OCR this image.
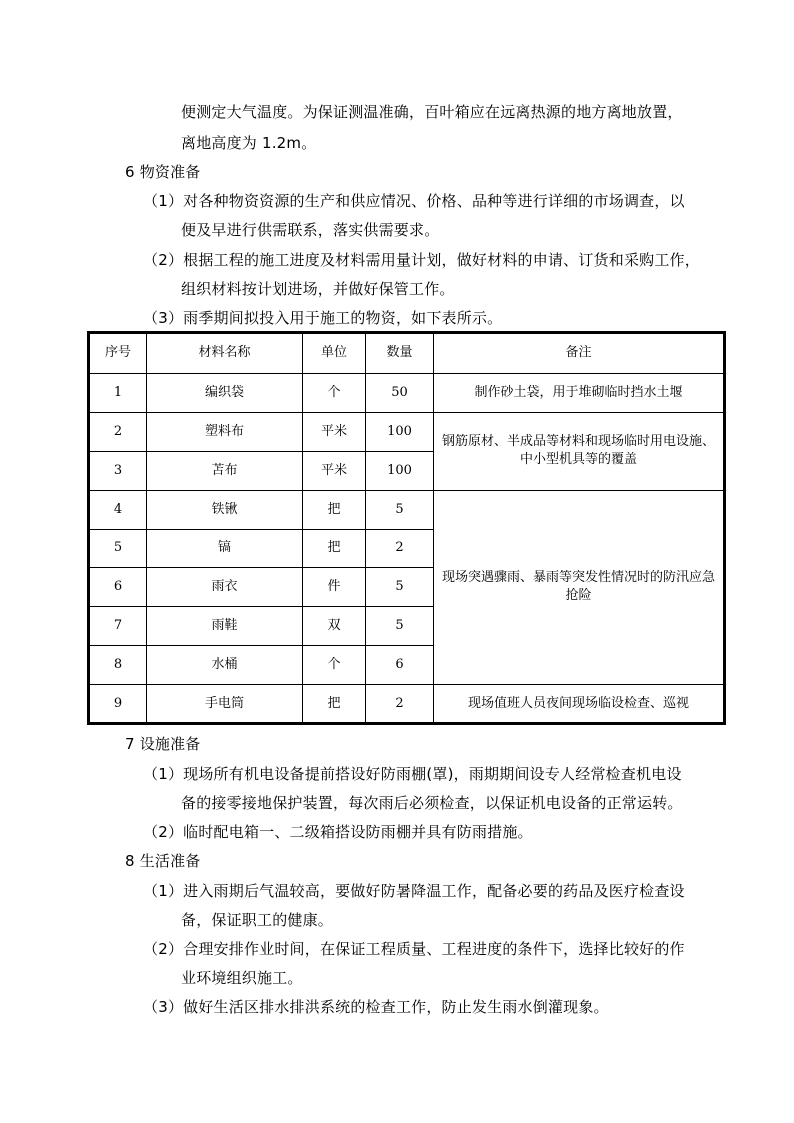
便测定大气温度。为保证测温准确，百叶箱应在远离热源的地方离地放置，
离地高度为 1.2m。
6 物资准备
（1）对各种物资资源的生产和供应情况、价格、品种等进行详细的市场调查，以
便及早进行供需联系，落实供需要求。
（2）根据工程的施工进度及材料需用量计划，做好材料的申请、订货和采购工作，
组织材料按计划进场，并做好保管工作。
（3）雨季期间拟投入用于施工的物资，如下表所示。
序号	材料名称	单位	数量	备注
1	编织袋	个	50	制作砂土袋，用于堆砌临时挡水土堰
2	塑料布	平米	100	钢筋原材、半成品等材料和现场临时用电设施、中小型机具等的覆盖
3	苫布	平米	100	
4	铁锹	把	5	现场突遇骤雨、暴雨等突发性情况时的防汛应急抢险
5	镐	把	2	
6	雨衣	件	5	
7	雨鞋	双	5	
8	水桶	个	6	
9	手电筒	把	2	现场值班人员夜间现场临设检查、巡视
7 设施准备
（1）现场所有机电设备提前搭设好防雨棚(罩)，雨期期间设专人经常检查机电设
备的接零接地保护装置，每次雨后必须检查，以保证机电设备的正常运转。
（2）临时配电箱一、二级箱搭设防雨棚并具有防雨措施。
8 生活准备
（1）进入雨期后气温较高，要做好防暑降温工作，配备必要的药品及医疗检查设
备，保证职工的健康。
（2）合理安排作业时间，在保证工程质量、工程进度的条件下，选择比较好的作
业环境组织施工。
（3）做好生活区排水排洪系统的检查工作，防止发生雨水倒灌现象。
